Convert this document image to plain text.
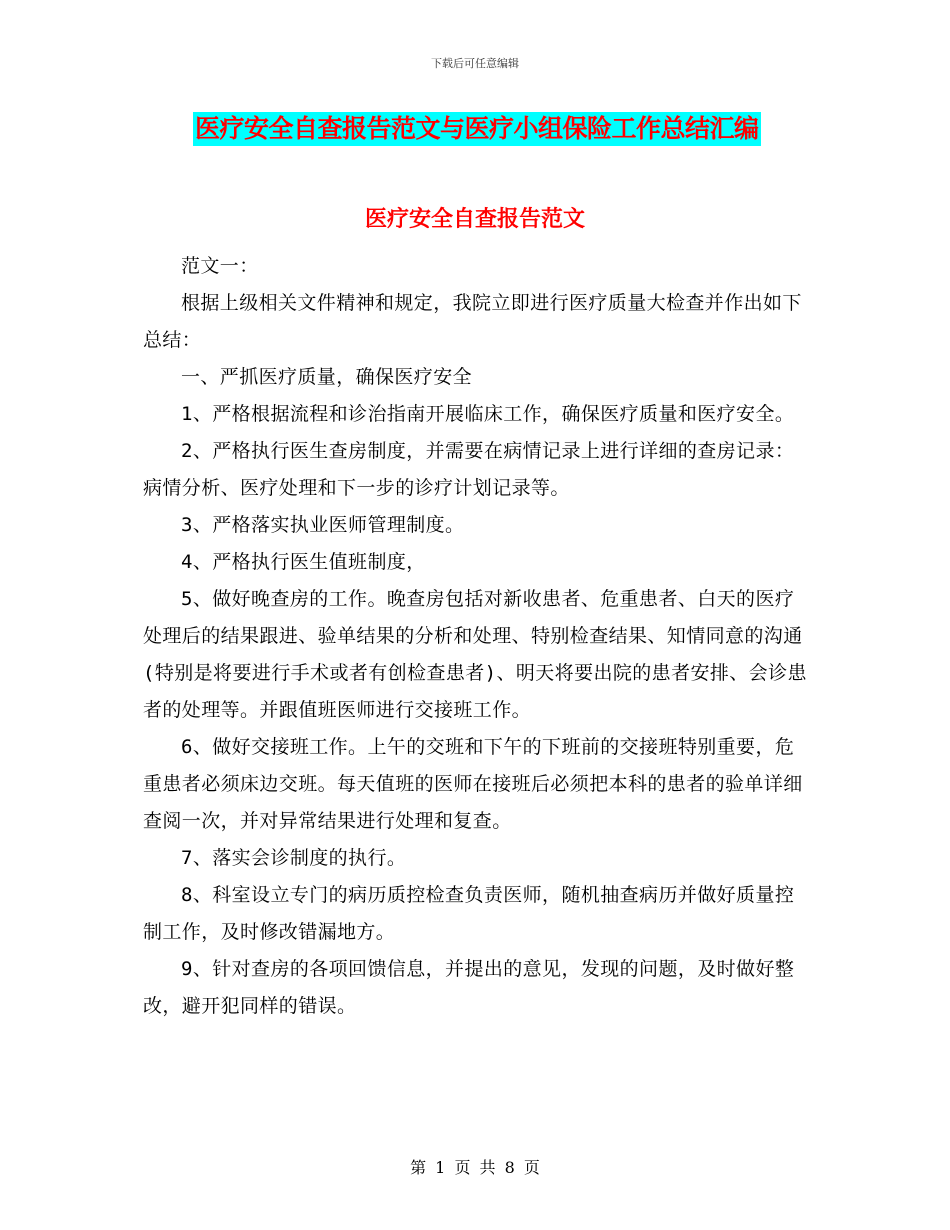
下载后可任意编辑
医疗安全自查报告范文与医疗小组保险工作总结汇编
医疗安全自查报告范文

范文一：

根据上级相关文件精神和规定，我院立即进行医疗质量大检查并作出如下总结：

一、严抓医疗质量，确保医疗安全

1、严格根据流程和诊治指南开展临床工作，确保医疗质量和医疗安全。

2、严格执行医生查房制度，并需要在病情记录上进行详细的查房记录：病情分析、医疗处理和下一步的诊疗计划记录等。

3、严格落实执业医师管理制度。

4、严格执行医生值班制度，

5、做好晚查房的工作。晚查房包括对新收患者、危重患者、白天的医疗处理后的结果跟进、验单结果的分析和处理、特别检查结果、知情同意的沟通(特别是将要进行手术或者有创检查患者)、明天将要出院的患者安排、会诊患者的处理等。并跟值班医师进行交接班工作。

6、做好交接班工作。上午的交班和下午的下班前的交接班特别重要，危重患者必须床边交班。每天值班的医师在接班后必须把本科的患者的验单详细查阅一次，并对异常结果进行处理和复查。

7、落实会诊制度的执行。

8、科室设立专门的病历质控检查负责医师，随机抽查病历并做好质量控制工作，及时修改错漏地方。

9、针对查房的各项回馈信息，并提出的意见，发现的问题，及时做好整改，避开犯同样的错误。

第 1 页 共 8 页
